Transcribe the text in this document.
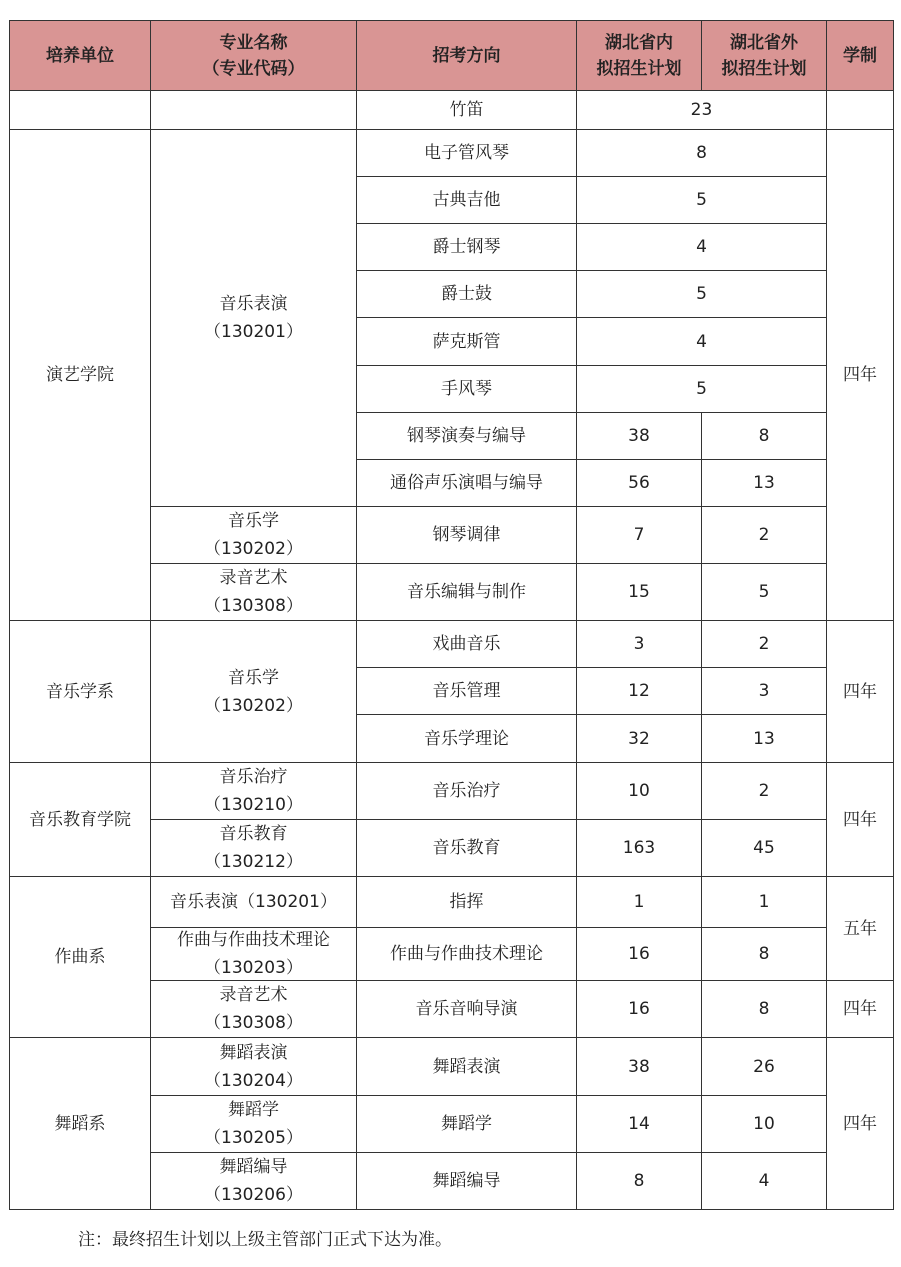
培养单位
专业名称
（专业代码）
招考方向
湖北省内
拟招生计划
湖北省外
拟招生计划
学制
演艺学院
音乐学系
音乐教育学院
作曲系
舞蹈系
音乐表演
（130201）
音乐学
（130202）
录音艺术
（130308）
音乐学
（130202）
音乐治疗
（130210）
音乐教育
（130212）
音乐表演（130201）
作曲与作曲技术理论
（130203）
录音艺术
（130308）
舞蹈表演
（130204）
舞蹈学
（130205）
舞蹈编导
（130206）
竹笛
电子管风琴
古典吉他
爵士钢琴
爵士鼓
萨克斯管
手风琴
钢琴演奏与编导
通俗声乐演唱与编导
钢琴调律
音乐编辑与制作
戏曲音乐
音乐管理
音乐学理论
音乐治疗
音乐教育
指挥
作曲与作曲技术理论
音乐音响导演
舞蹈表演
舞蹈学
舞蹈编导
23
8
5
4
5
4
5
38
56
7
15
3
12
32
10
163
1
16
16
38
14
8
8
13
2
5
2
3
13
2
45
1
8
8
26
10
4
四年
四年
四年
五年
四年
四年
注：最终招生计划以上级主管部门正式下达为准。
